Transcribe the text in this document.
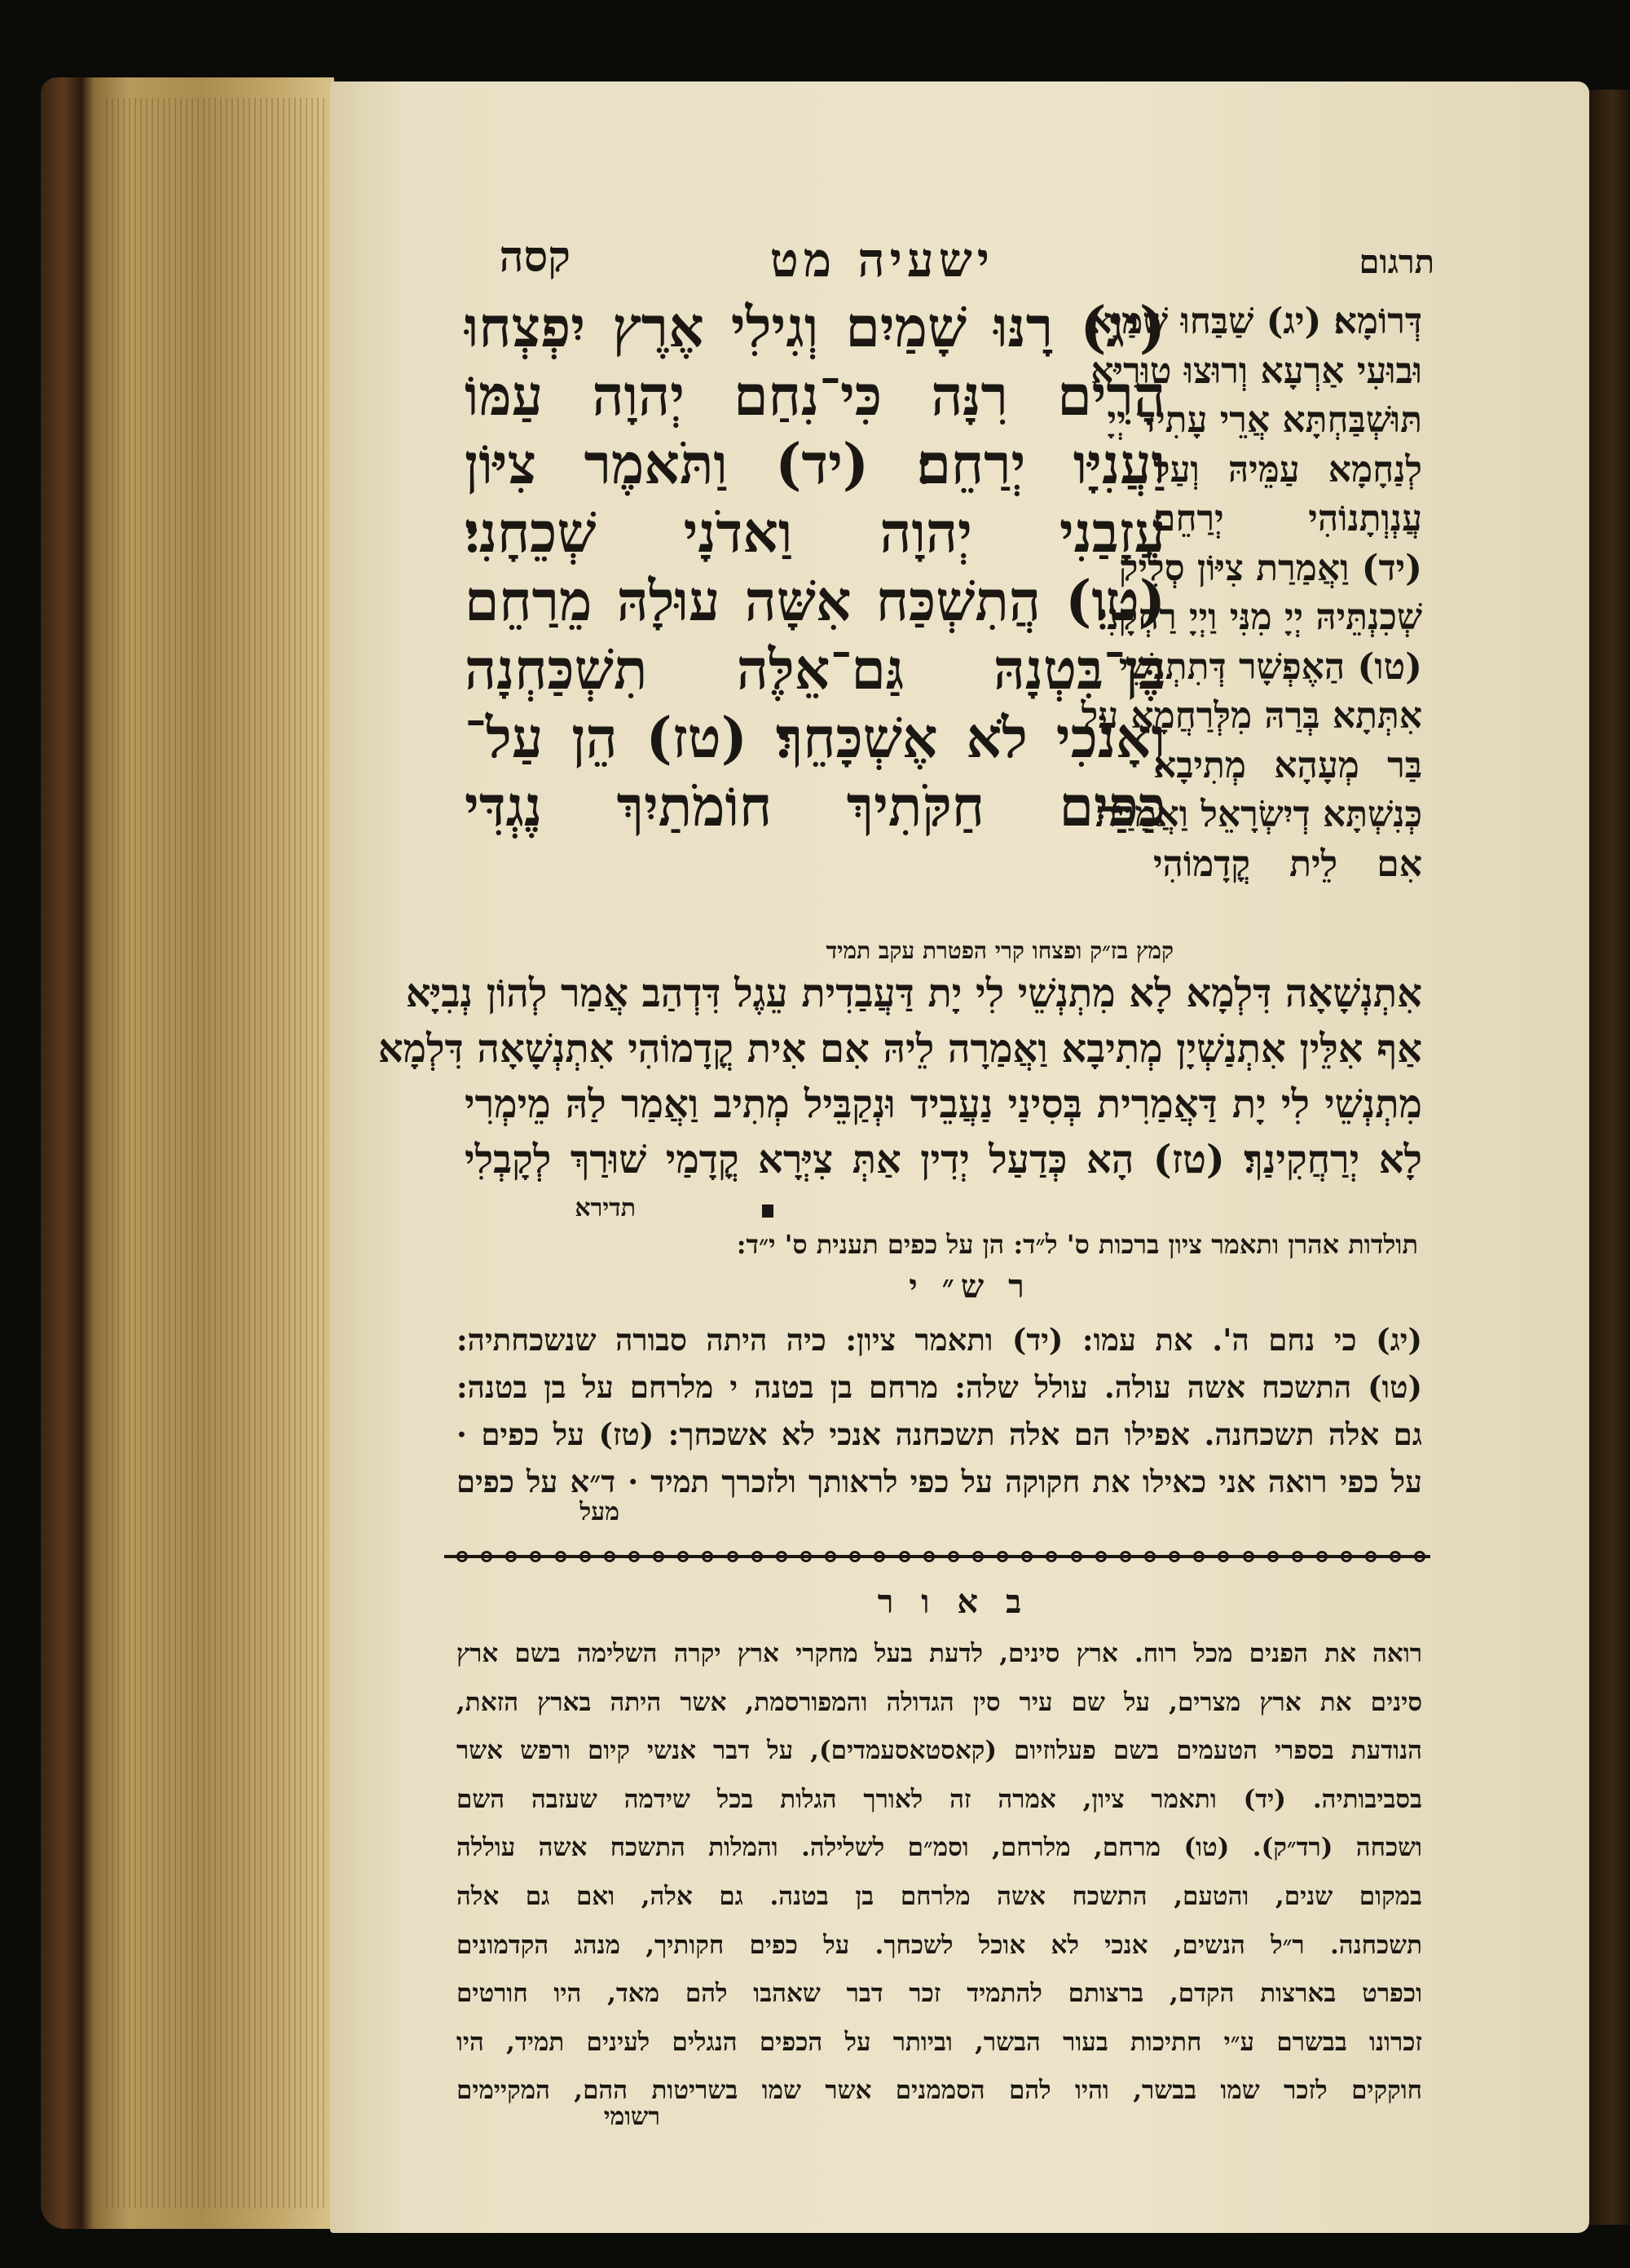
ישעיה מט
קסה	תרגום
(יג) רָנּוּ שָׁמַיִם וְגִילִי אֶרֶץ יִפְצְחוּ
הָרִים רִנָּה כִּי־נִחַם יְהוָה עַמּוֹ
וַעֲנִיָּו יְרַחֵם׃ (יד) וַתֹּאמֶר צִיּוֹן
עֲזָבַנִי יְהוָה וַאדֹנָי שְׁכֵחָנִי׃
(טו) הֲתִשְׁכַּח אִשָּׁה עוּלָהּ מֵרַחֵם
בֶּן־בִּטְנָהּ גַּם־אֵלֶּה תִשְׁכַּחְנָה
וְאָנֹכִי לֹא אֶשְׁכָּחֵךְ׃ (טז) הֵן עַל־
כַּפַּיִם חַקֹּתִיךְ חוֹמֹתַיִךְ נֶגְדִּי
קמץ בז״ק ופצחו קרי הפטרת עקב תמיד
דְּרוֹמָא׃ (יג) שַׁבַּחוּ שְׁמַיָּא
וּבוּעִי אַרְעָא וְרוּצוּ טוּרַיָּא
תּוּשְׁבַּחְתָּא אֲרֵי עָתִיד יְיָ
לְנַחָמָא עַמֵּיהּ וְעַל
עֲנְוְתָנוֹהִי יְרַחֵם׃
(יד) וַאֲמַרַת צִיּוֹן סְלֵיק
שְׁכִנְתֵּיהּ יְיָ מִנִּי וַיְיָ רַחְקָנִי׃
(טו) הַאֶפְשָׁר דְּתִתְנְשֵׁי
אִתְּתָא בְּרַהּ מִלְּרַחֲמָא עַל
בַּר מְעָהָא מְתִיבָא
כְּנִשְׁתָּא דְיִשְׂרָאֵל וַאֲמַרַת
אִם לֵית קֳדָמוֹהִי
אִתְנְשָׁאָה דִּלְמָא לָא מִתְנְשֵׁי לִי יָת דַּעֲבַדִית עֵגֶל דִּדְהַב אֲמַר לְהוֹן נְבִיָּא
אַף אִלֵּין אִתְנַשְׁיָן מְתִיבָא וַאֲמַרָה לֵיהּ אִם אִית קֳדָמוֹהִי אִתְנְשָׁאָה דִּלְמָא
מִתְנְשֵׁי לִי יָת דַּאֲמַרִית בְּסִינַי נַעֲבֵיד וּנְקַבֵּיל מְתִיב וַאֲמַר לַהּ מֵימְרִי
לָא יְרַחֲקִינַךְ׃ (טז) הָא כְּדַעַל יְדִין אַתְּ צִיְּרָא קֳדָמַי שׁוּרַךְ לְקָבְלִי
תדירא
תולדות אהרן ותאמר ציון ברכות ס' ל״ד: הן על כפים תענית ס' י״ד:
ר ש״ י
(יג) כי נחם ה'. את עמו: (יד) ותאמר ציון: כיה היתה סבורה שנשכחתיה:
(טו) התשכח אשה עולה. עולל שלה: מרחם בן בטנה י מלרחם על בן בטנה:
גם אלה תשכחנה. אפילו הם אלה תשכחנה אנכי לא אשכחך: (טז) על כפים ·
על כפי רואה אני כאילו את חקוקה על כפי לראותך ולזכרך תמיד · ד״א על כפים
מעל
ב א ו ר
רואה את הפנים מכל רוח. ארץ סינים, לדעת בעל מחקרי ארץ יקרה השלימה בשם ארץ
סינים את ארץ מצרים, על שם עיר סין הגדולה והמפורסמת, אשר היתה בארץ הזאת,
הנודעת בספרי הטעמים בשם פעלוזיום (קאסטאסעמדים), על דבר אנשי קיום ורפש אשר
בסביבותיה. (יד) ותאמר ציון, אמרה זה לאורך הגלות בכל שידמה שעזבה השם
ושכחה (רד״ק). (טו) מרחם, מלרחם, וסמ״ם לשלילה. והמלות התשכח אשה עוללה
במקום שנים, והטעם, התשכח אשה מלרחם בן בטנה. גם אלה, ואם גם אלה
תשכחנה. ר״ל הנשים, אנכי לא אוכל לשכחך. על כפים חקותיך, מנהג הקדמונים
וכפרט בארצות הקדם, ברצותם להתמיד זכר דבר שאהבו להם מאד, היו חורטים
זכרונו בבשרם ע״י חתיכות בעור הבשר, וביותר על הכפים הנגלים לעינים תמיד, היו
חוקקים לזכר שמו בבשר, והיו להם הסממנים אשר שמו בשריטות ההם, המקיימים
רשומי
